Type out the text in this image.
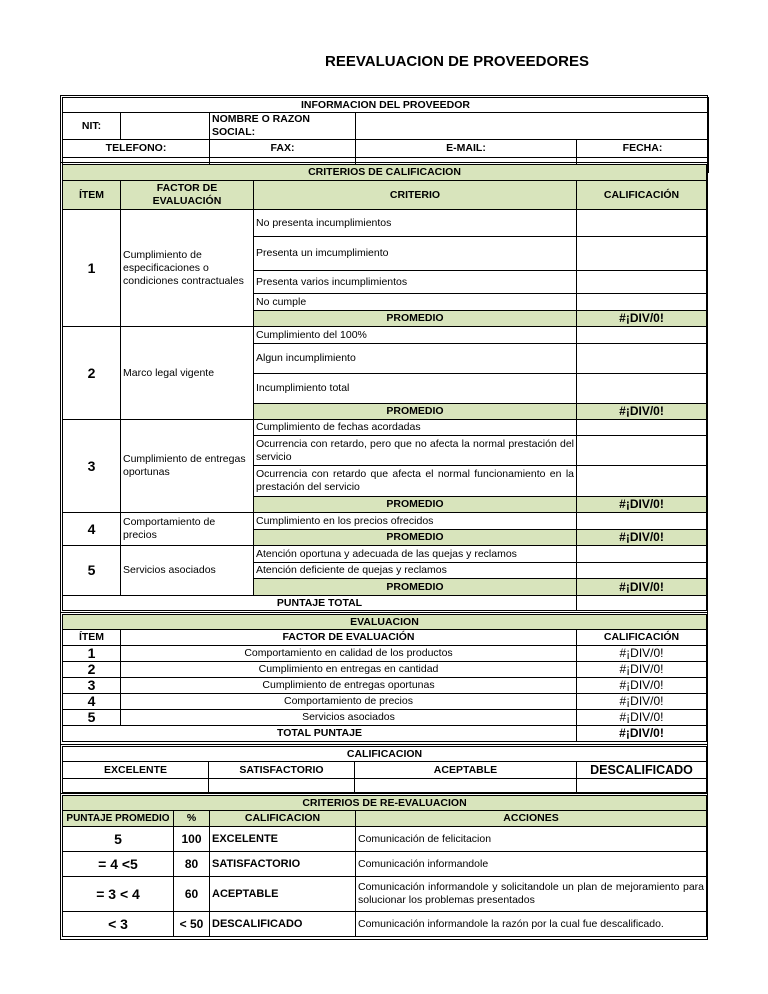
REEVALUACION DE PROVEEDORES
INFORMACION DEL PROVEEDOR				
NIT:		NOMBRE O RAZON SOCIAL:		
TELEFONO:		FAX:	E-MAIL:	FECHA:

CRITERIOS DE CALIFICACION			
ÍTEM	FACTOR DE EVALUACIÓN	CRITERIO	CALIFICACIÓN
1	Cumplimiento de especificaciones o condiciones contractuales	No presenta incumplimientos	
		Presenta un imcumplimiento	
		Presenta varios incumplimientos	
		No cumple	
		PROMEDIO	#¡DIV/0!
2	Marco legal vigente	Cumplimiento del 100%	
		Algun incumplimiento	
		Incumplimiento total	
		PROMEDIO	#¡DIV/0!
3	Cumplimiento de entregas oportunas	Cumplimiento de fechas acordadas	
		Ocurrencia con retardo, pero que no afecta la normal prestación del servicio	
		Ocurrencia con retardo que afecta el normal funcionamiento en la prestación del servicio	
		PROMEDIO	#¡DIV/0!
4	Comportamiento de precios	Cumplimiento en los precios ofrecidos	
		PROMEDIO	#¡DIV/0!
5	Servicios asociados	Atención oportuna y adecuada de las quejas y reclamos	
		Atención deficiente de quejas y reclamos	
		PROMEDIO	#¡DIV/0!
PUNTAJE TOTAL			
EVALUACION		
ÍTEM	FACTOR DE EVALUACIÓN	CALIFICACIÓN
1	Comportamiento en calidad de los productos	#¡DIV/0!
2	Cumplimiento en entregas en cantidad	#¡DIV/0!
3	Cumplimiento de entregas oportunas	#¡DIV/0!
4	Comportamiento de precios	#¡DIV/0!
5	Servicios asociados	#¡DIV/0!
TOTAL PUNTAJE		#¡DIV/0!
CALIFICACION			
EXCELENTE	SATISFACTORIO	ACEPTABLE	DESCALIFICADO

CRITERIOS DE RE-EVALUACION			
PUNTAJE PROMEDIO	%	CALIFICACION	ACCIONES
5	100	EXCELENTE	Comunicación de felicitacion
= 4 <5	80	SATISFACTORIO	Comunicación informandole
= 3 < 4	60	ACEPTABLE	Comunicación informandole y solicitandole un plan de mejoramiento para solucionar los problemas presentados
< 3	< 50	DESCALIFICADO	Comunicación informandole la razón por la cual fue descalificado.
